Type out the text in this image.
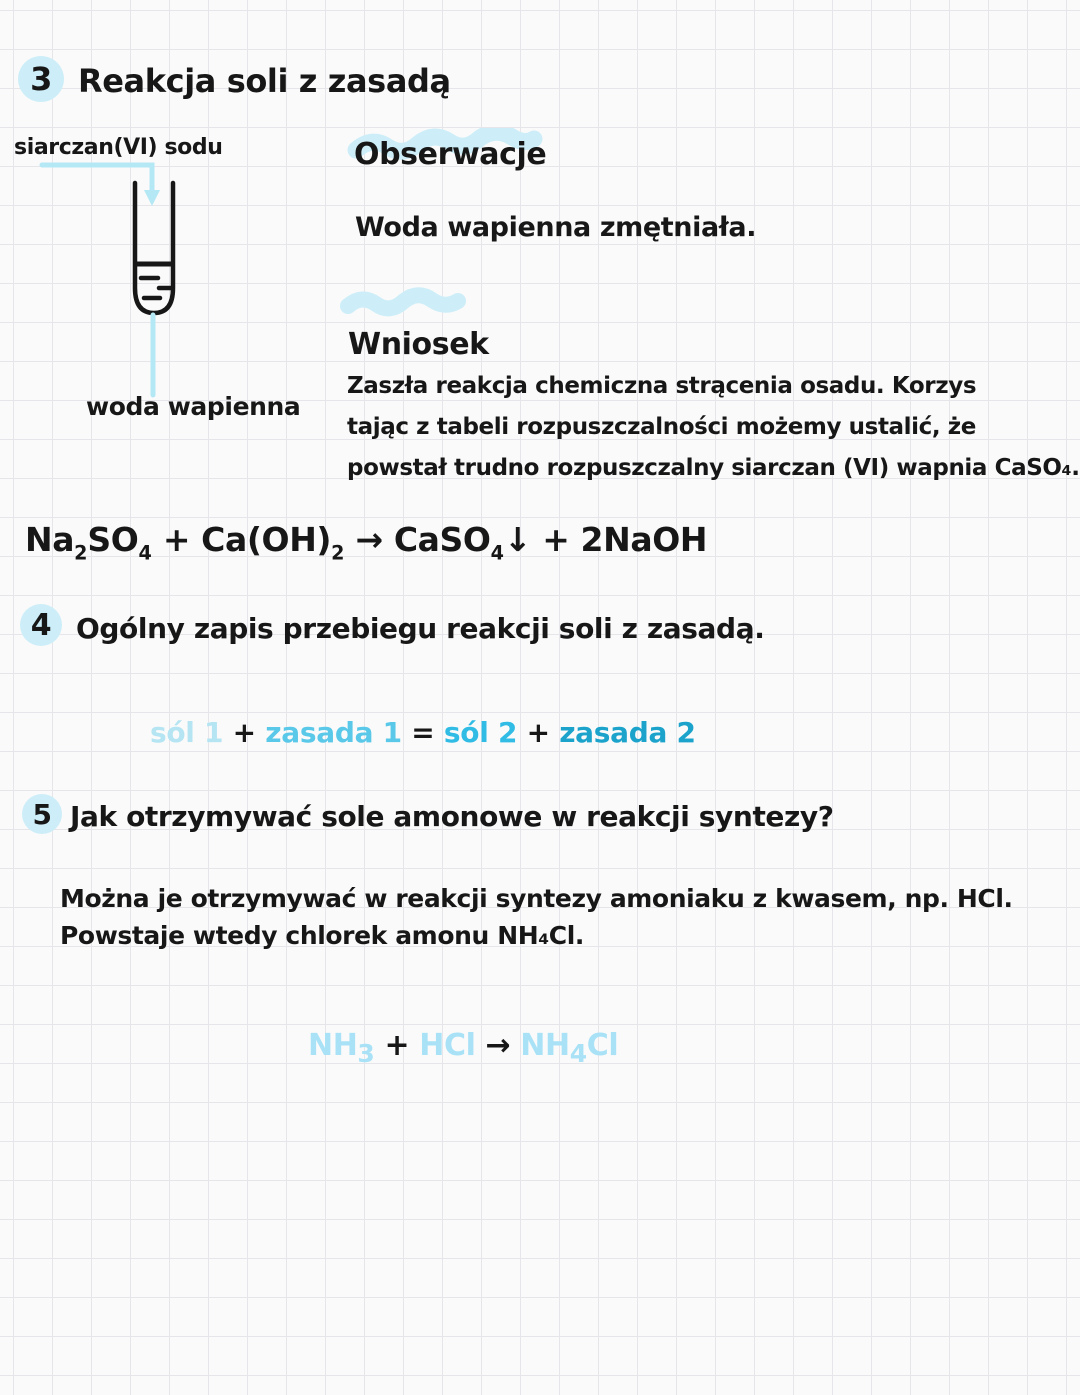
3 Reakcja soli z zasadą
siarczan(VI) sodu
woda wapienna
Obserwacje
Woda wapienna zmętniała.
Wniosek
Zaszła reakcja chemiczna strącenia osadu. Korzys
tając z tabeli rozpuszczalności możemy ustalić, że
powstał trudno rozpuszczalny siarczan (VI) wapnia CaSO₄.
$Na_2SO_4 + Ca(OH)_2$ → CaSO$_4$↓ + 2NaOH
4 Ogólny zapis przebiegu reakcji soli z zasadą.
sól 1 + zasada 1 = sól 2 + zasada 2
5 Jak otrzymywać sole amonowe w reakcji syntezy?
Można je otrzymywać w reakcji syntezy amoniaku z kwasem, np. HCl.
Powstaje wtedy chlorek amonu NH₄Cl.
$NH_3$ + HCl → $NH_4Cl$
